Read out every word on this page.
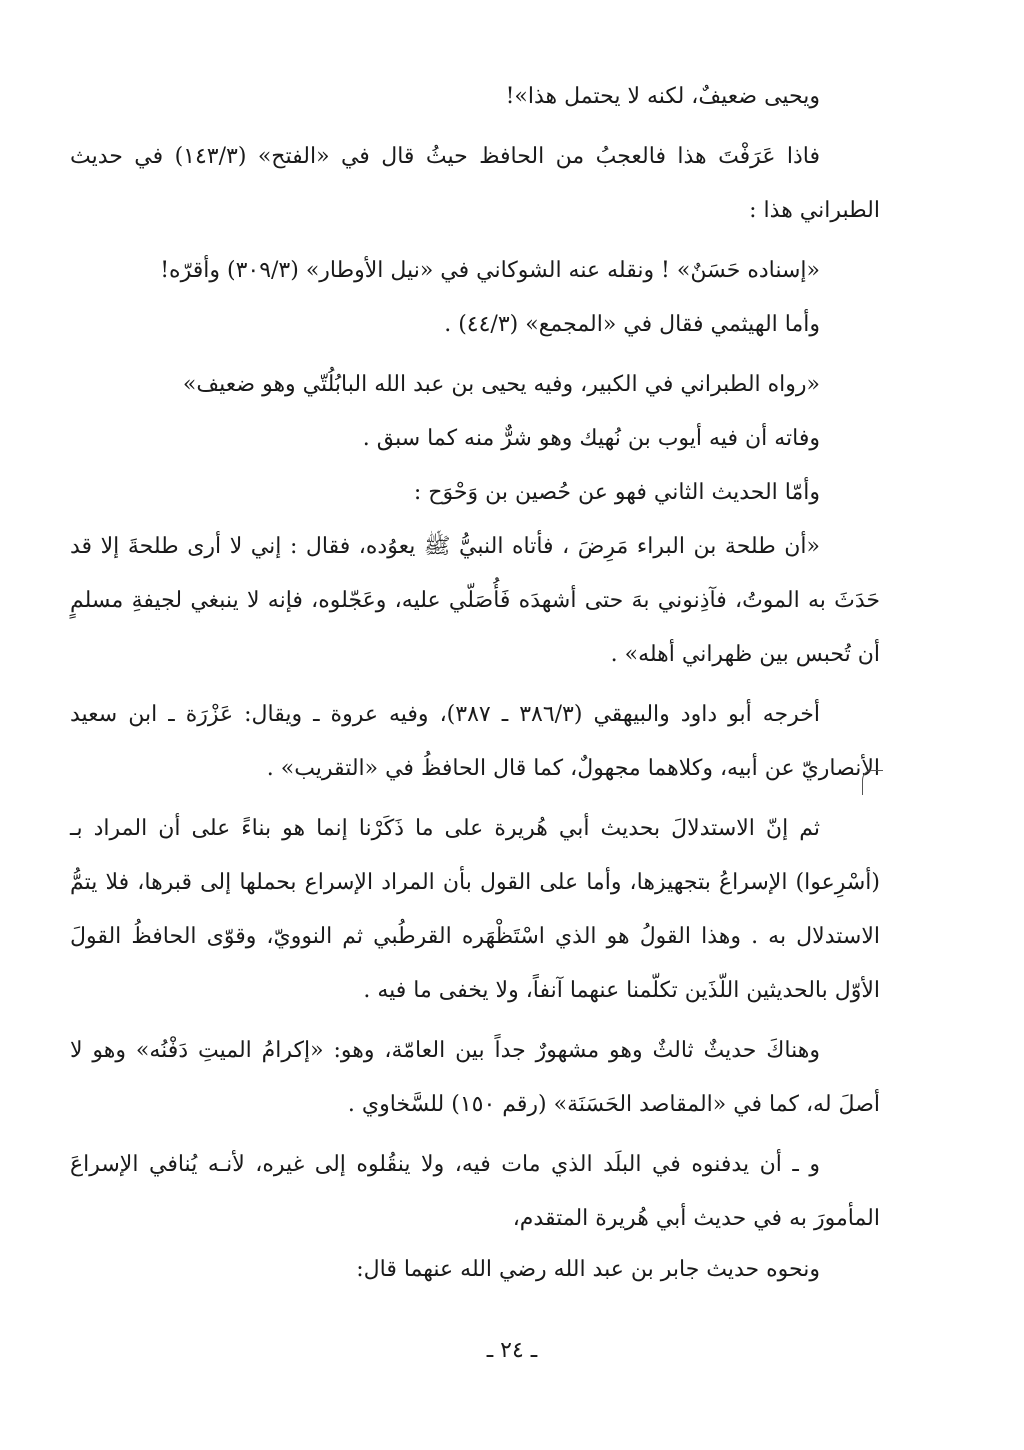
ويحيى ضعيفٌ، لكنه لا يحتمل هذا»!

فاذا عَرَفْتَ هذا فالعجبُ من الحافظ حيثُ قال في «الفتح» (١٤٣/٣) في حديث الطبراني هذا :

«إسناده حَسَنٌ» ! ونقله عنه الشوكاني في «نيل الأوطار» (٣٠٩/٣) وأقرّه!

وأما الهيثمي فقال في «المجمع» (٤٤/٣) .

«رواه الطبراني في الكبير، وفيه يحيى بن عبد الله البابُلُتّي وهو ضعيف»

وفاته أن فيه أيوب بن نُهيك وهو شرٌّ منه كما سبق .

وأمّا الحديث الثاني فهو عن حُصين بن وَحْوَح :

«أن طلحة بن البراء مَرِضَ ، فأتاه النبيُّ ﷺ يعوُده، فقال : إني لا أرى طلحةَ إلا قد حَدَثَ به الموتُ، فآذِنوني بهَ حتى أشهدَه فَأُصَلّي عليه، وعَجّلوه، فإنه لا ينبغي لجيفةِ مسلمٍ أن تُحبس بين ظهراني أهله» .

أخرجه أبو داود والبيهقي (٣٨٦/٣ ـ ٣٨٧)، وفيه عروة ـ ويقال: عَزْرَة ـ ابن سعيد الأنصاريّ عن أبيه، وكلاهما مجهولٌ، كما قال الحافظُ في «التقريب» .

ثم إنّ الاستدلالَ بحديث أبي هُريرة على ما ذَكَرْنا إنما هو بناءً على أن المراد بـ (أسْرِعوا) الإسراعُ بتجهيزها، وأما على القول بأن المراد الإسراع بحملها إلى قبرها، فلا يتمُّ الاستدلال به . وهذا القولُ هو الذي اسْتَظْهَره القرطُبي ثم النوويّ، وقوّى الحافظُ القولَ الأوّل بالحديثين اللّذَين تكلّمنا عنهما آنفاً، ولا يخفى ما فيه .

وهناكَ حديثٌ ثالثٌ وهو مشهورٌ جداً بين العامّة، وهو: «إكرامُ الميتِ دَفْنُه» وهو لا أصلَ له، كما في «المقاصد الحَسَنَة» (رقم ١٥٠) للسَّخاوي .

و ـ أن يدفنوه في البلَد الذي مات فيه، ولا ينقُلوه إلى غيره، لأنـه يُنافي الإسراعَ المأمورَ به في حديث أبي هُريرة المتقدم،

ونحوه حديث جابر بن عبد الله رضي الله عنهما قال:

ـ ٢٤ ـ
